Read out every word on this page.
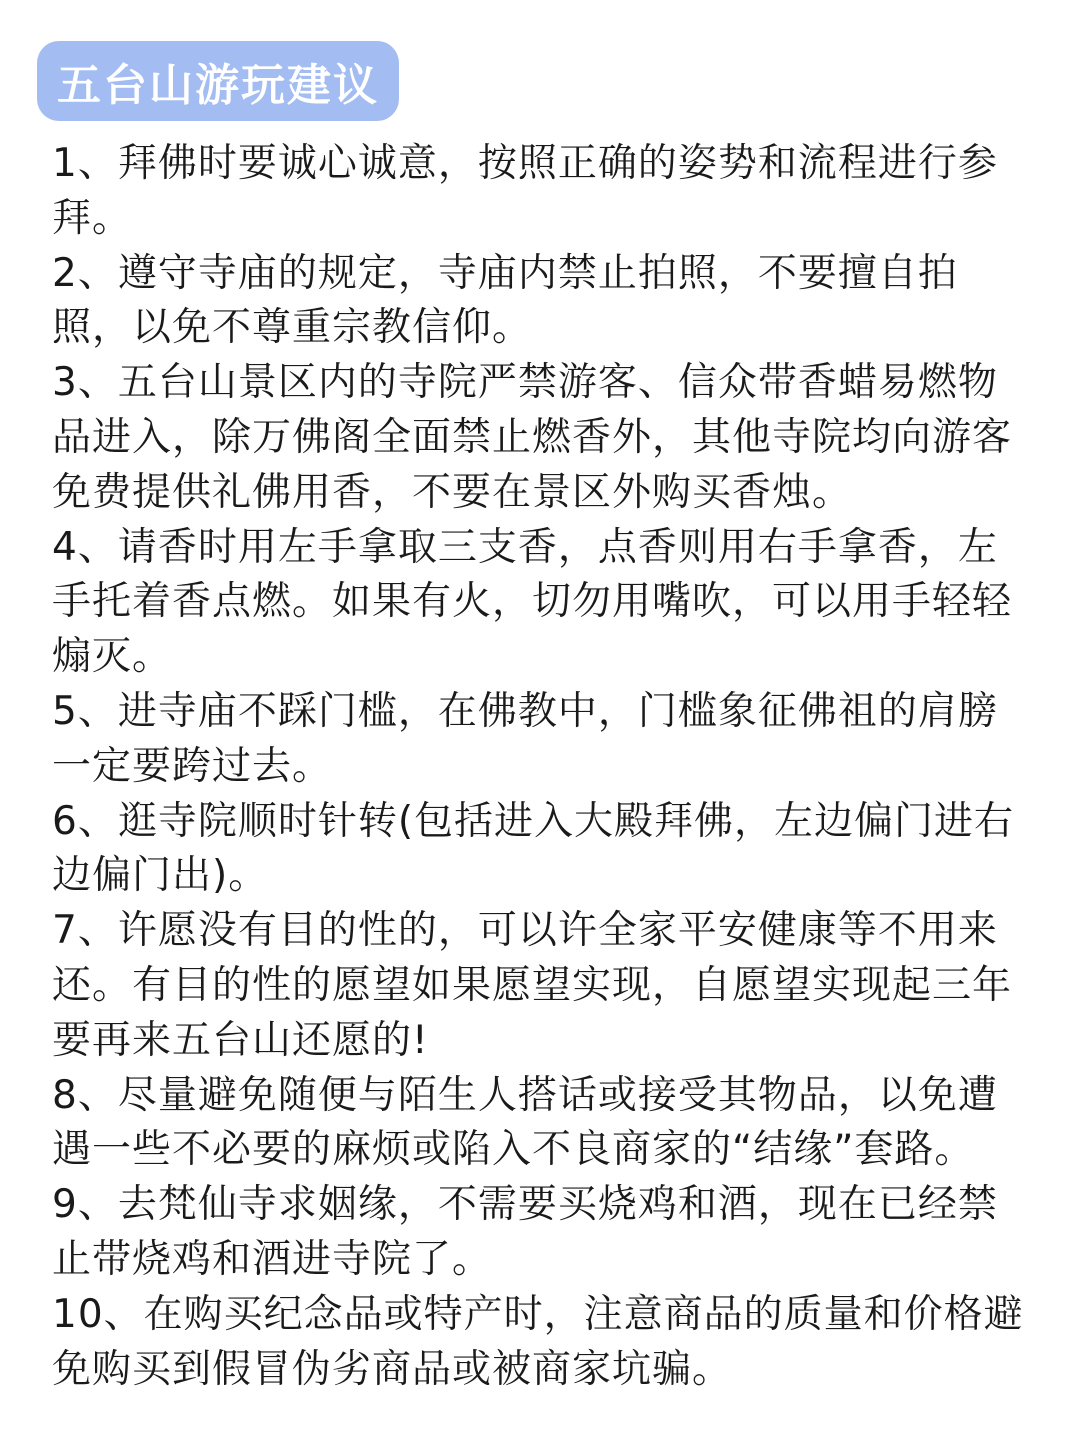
五台山游玩建议
1、拜佛时要诚心诚意，按照正确的姿势和流程进行参拜。
2、遵守寺庙的规定，寺庙内禁止拍照，不要擅自拍照，以免不尊重宗教信仰。
3、五台山景区内的寺院严禁游客、信众带香蜡易燃物品进入，除万佛阁全面禁止燃香外，其他寺院均向游客免费提供礼佛用香，不要在景区外购买香烛。
4、请香时用左手拿取三支香，点香则用右手拿香，左手托着香点燃。如果有火，切勿用嘴吹，可以用手轻轻煽灭。
5、进寺庙不踩门槛，在佛教中，门槛象征佛祖的肩膀一定要跨过去。
6、逛寺院顺时针转(包括进入大殿拜佛，左边偏门进右边偏门出)。
7、许愿没有目的性的，可以许全家平安健康等不用来还。有目的性的愿望如果愿望实现，自愿望实现起三年要再来五台山还愿的!
8、尽量避免随便与陌生人搭话或接受其物品，以免遭遇一些不必要的麻烦或陷入不良商家的“结缘”套路。
9、去梵仙寺求姻缘，不需要买烧鸡和酒，现在已经禁止带烧鸡和酒进寺院了。
10、在购买纪念品或特产时，注意商品的质量和价格避免购买到假冒伪劣商品或被商家坑骗。
